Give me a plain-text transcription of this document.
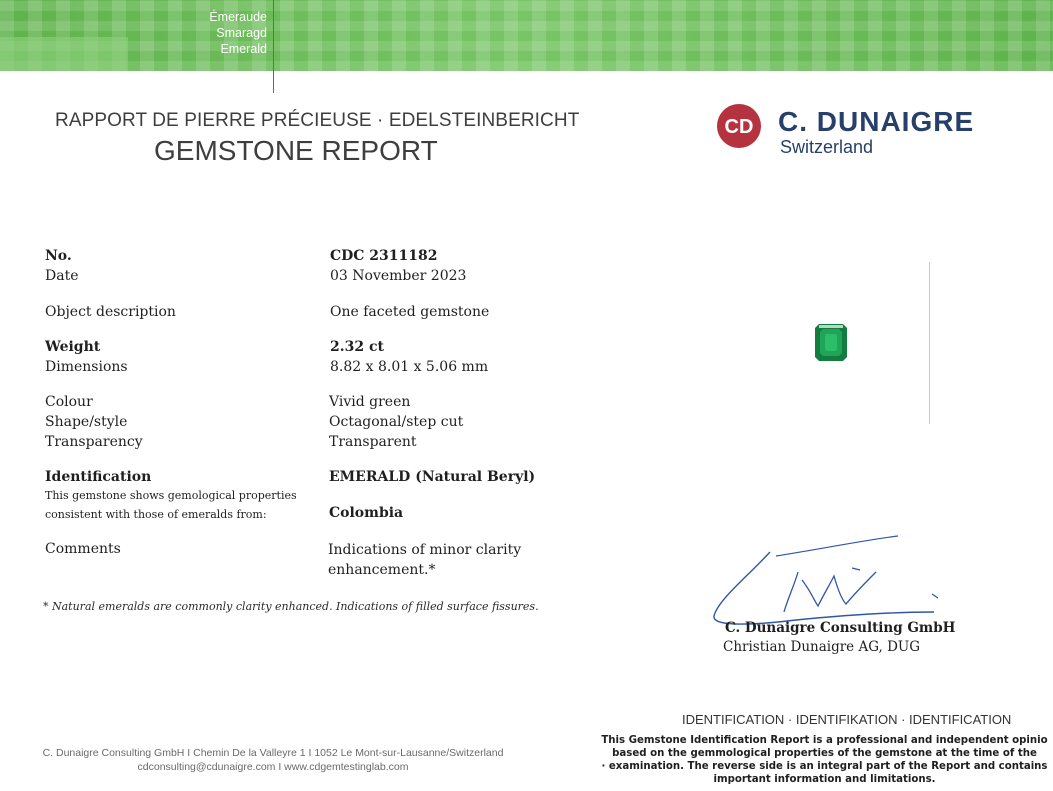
Émeraude
Smaragd
Emerald
RAPPORT DE PIERRE PRÉCIEUSE · EDELSTEINBERICHT
GEMSTONE REPORT
CD C. DUNAIGRE
Switzerland
No.
Date
Object description
Weight
Dimensions
Colour
Shape/style
Transparency
Identification
This gemstone shows gemological properties
consistent with those of emeralds from:
Comments
CDC 2311182
03 November 2023
One faceted gemstone
2.32 ct
8.82 x 8.01 x 5.06 mm
Vivid green
Octagonal/step cut
Transparent
EMERALD (Natural Beryl)
Colombia
Indications of minor clarity
enhancement.*
* Natural emeralds are commonly clarity enhanced. Indications of filled surface fissures.
C. Dunaigre Consulting GmbH
Christian Dunaigre AG, DUG
IDENTIFICATION · IDENTIFIKATION · IDENTIFICATION
This Gemstone Identification Report is a professional and independent opinio
based on the gemmological properties of the gemstone at the time of the
· examination. The reverse side is an integral part of the Report and contains
important information and limitations.
C. Dunaigre Consulting GmbH I Chemin De la Valleyre 1 I 1052 Le Mont-sur-Lausanne/Switzerland
cdconsulting@cdunaigre.com I www.cdgemtestinglab.com
